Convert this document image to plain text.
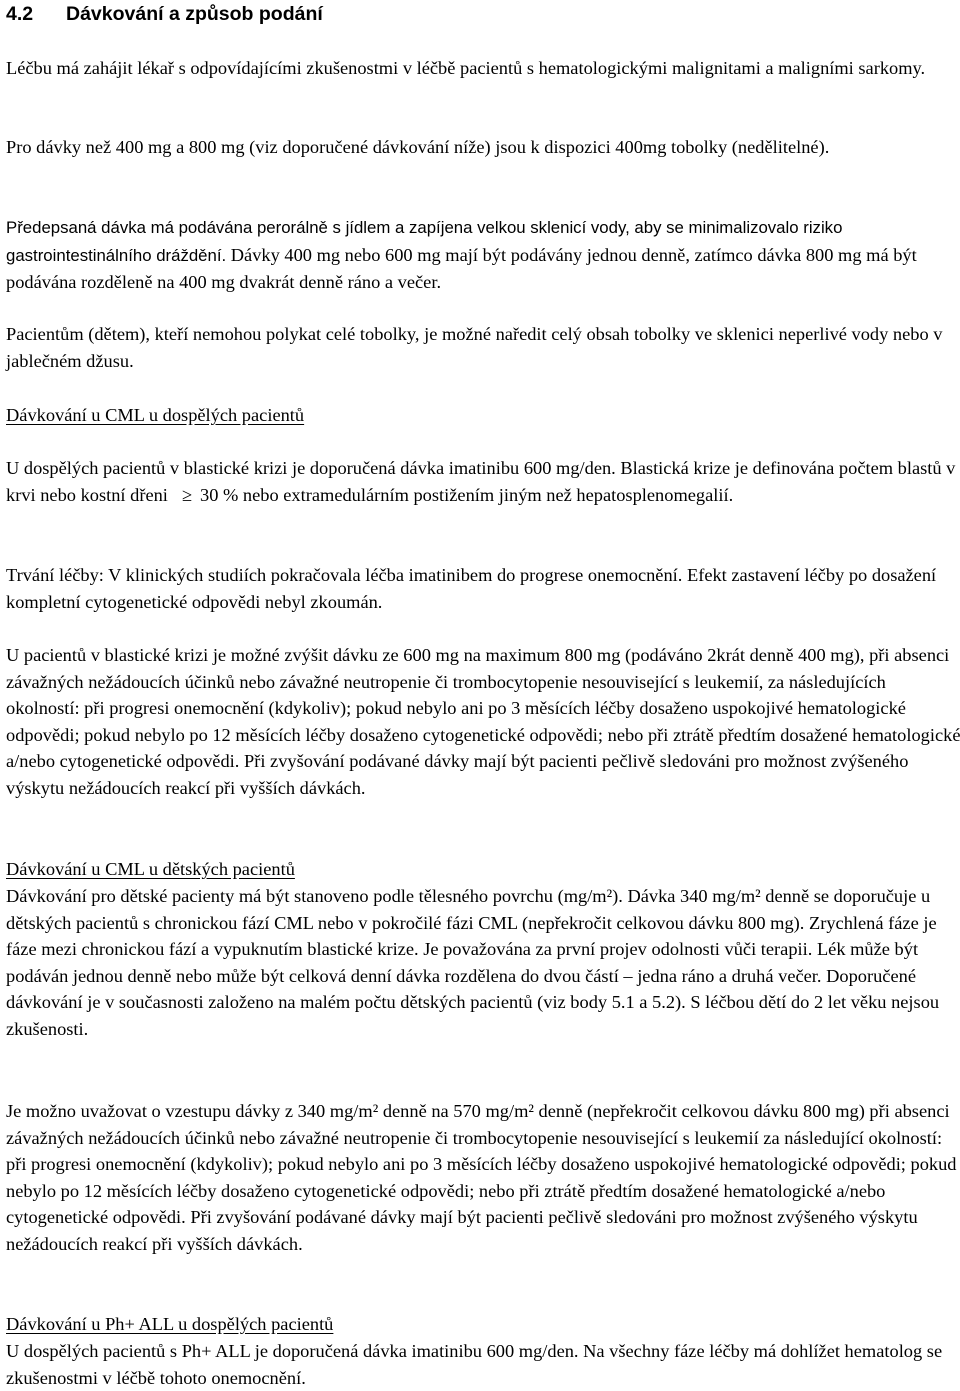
4.2 Dávkování a způsob podání

Léčbu má zahájit lékař s odpovídajícími zkušenostmi v léčbě pacientů s hematologickými malignitami a maligními sarkomy.

Pro dávky než 400 mg a 800 mg (viz doporučené dávkování níže) jsou k dispozici 400mg tobolky (nedělitelné).

Předepsaná dávka má podávána perorálně s jídlem a zapíjena velkou sklenicí vody, aby se minimalizovalo riziko gastrointestinálního dráždění. Dávky 400 mg nebo 600 mg mají být podávány jednou denně, zatímco dávka 800 mg má být podávána rozděleně na 400 mg dvakrát denně ráno a večer.

Pacientům (dětem), kteří nemohou polykat celé tobolky, je možné naředit celý obsah tobolky ve sklenici neperlivé vody nebo v jablečném džusu.

Dávkování u CML u dospělých pacientů

U dospělých pacientů v blastické krizi je doporučená dávka imatinibu 600 mg/den. Blastická krize je definována počtem blastů v krvi nebo kostní dřeni ≥ 30 % nebo extramedulárním postižením jiným než hepatosplenomegalií.

Trvání léčby: V klinických studiích pokračovala léčba imatinibem do progrese onemocnění. Efekt zastavení léčby po dosažení kompletní cytogenetické odpovědi nebyl zkoumán.

U pacientů v blastické krizi je možné zvýšit dávku ze 600 mg na maximum 800 mg (podáváno 2krát denně 400 mg), při absenci závažných nežádoucích účinků nebo závažné neutropenie či trombocytopenie nesouvisející s leukemií, za následujících okolností: při progresi onemocnění (kdykoliv); pokud nebylo ani po 3 měsících léčby dosaženo uspokojivé hematologické odpovědi; pokud nebylo po 12 měsících léčby dosaženo cytogenetické odpovědi; nebo při ztrátě předtím dosažené hematologické a/nebo cytogenetické odpovědi. Při zvyšování podávané dávky mají být pacienti pečlivě sledováni pro možnost zvýšeného výskytu nežádoucích reakcí při vyšších dávkách.

Dávkování u CML u dětských pacientů

Dávkování pro dětské pacienty má být stanoveno podle tělesného povrchu (mg/m²). Dávka 340 mg/m² denně se doporučuje u dětských pacientů s chronickou fází CML nebo v pokročilé fázi CML (nepřekročit celkovou dávku 800 mg). Zrychlená fáze je fáze mezi chronickou fází a vypuknutím blastické krize. Je považována za první projev odolnosti vůči terapii. Lék může být podáván jednou denně nebo může být celková denní dávka rozdělena do dvou částí – jedna ráno a druhá večer. Doporučené dávkování je v současnosti založeno na malém počtu dětských pacientů (viz body 5.1 a 5.2). S léčbou dětí do 2 let věku nejsou zkušenosti.

Je možno uvažovat o vzestupu dávky z 340 mg/m² denně na 570 mg/m² denně (nepřekročit celkovou dávku 800 mg) při absenci závažných nežádoucích účinků nebo závažné neutropenie či trombocytopenie nesouvisející s leukemií za následující okolností: při progresi onemocnění (kdykoliv); pokud nebylo ani po 3 měsících léčby dosaženo uspokojivé hematologické odpovědi; pokud nebylo po 12 měsících léčby dosaženo cytogenetické odpovědi; nebo při ztrátě předtím dosažené hematologické a/nebo cytogenetické odpovědi. Při zvyšování podávané dávky mají být pacienti pečlivě sledováni pro možnost zvýšeného výskytu nežádoucích reakcí při vyšších dávkách.

Dávkování u Ph+ ALL u dospělých pacientů

U dospělých pacientů s Ph+ ALL je doporučená dávka imatinibu 600 mg/den. Na všechny fáze léčby má dohlížet hematolog se zkušenostmi v léčbě tohoto onemocnění.
